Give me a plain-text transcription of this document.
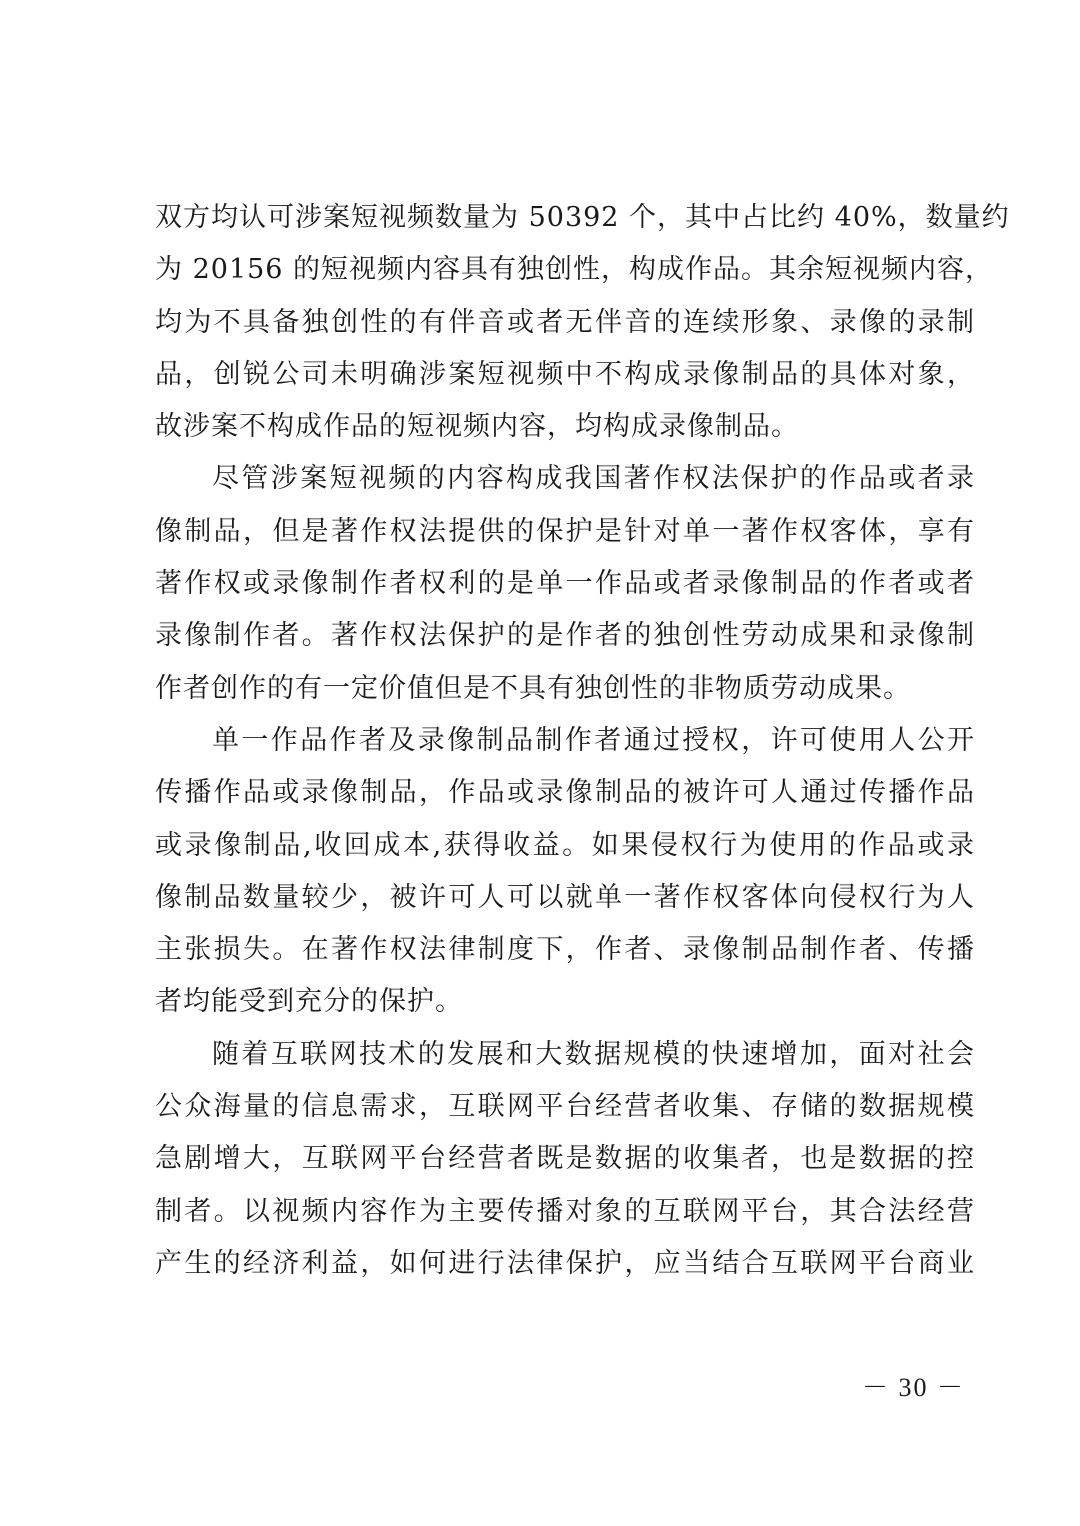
双方均认可涉案短视频数量为 50392 个，其中占比约 40%，数量约
为 20156 的短视频内容具有独创性，构成作品。其余短视频内容，
均为不具备独创性的有伴音或者无伴音的连续形象、录像的录制
品，创锐公司未明确涉案短视频中不构成录像制品的具体对象，
故涉案不构成作品的短视频内容，均构成录像制品。
尽管涉案短视频的内容构成我国著作权法保护的作品或者录
像制品，但是著作权法提供的保护是针对单一著作权客体，享有
著作权或录像制作者权利的是单一作品或者录像制品的作者或者
录像制作者。著作权法保护的是作者的独创性劳动成果和录像制
作者创作的有一定价值但是不具有独创性的非物质劳动成果。
单一作品作者及录像制品制作者通过授权，许可使用人公开
传播作品或录像制品，作品或录像制品的被许可人通过传播作品
或录像制品,收回成本,获得收益。如果侵权行为使用的作品或录
像制品数量较少，被许可人可以就单一著作权客体向侵权行为人
主张损失。在著作权法律制度下，作者、录像制品制作者、传播
者均能受到充分的保护。
随着互联网技术的发展和大数据规模的快速增加，面对社会
公众海量的信息需求，互联网平台经营者收集、存储的数据规模
急剧增大，互联网平台经营者既是数据的收集者，也是数据的控
制者。以视频内容作为主要传播对象的互联网平台，其合法经营
产生的经济利益，如何进行法律保护，应当结合互联网平台商业
－ 30 －
